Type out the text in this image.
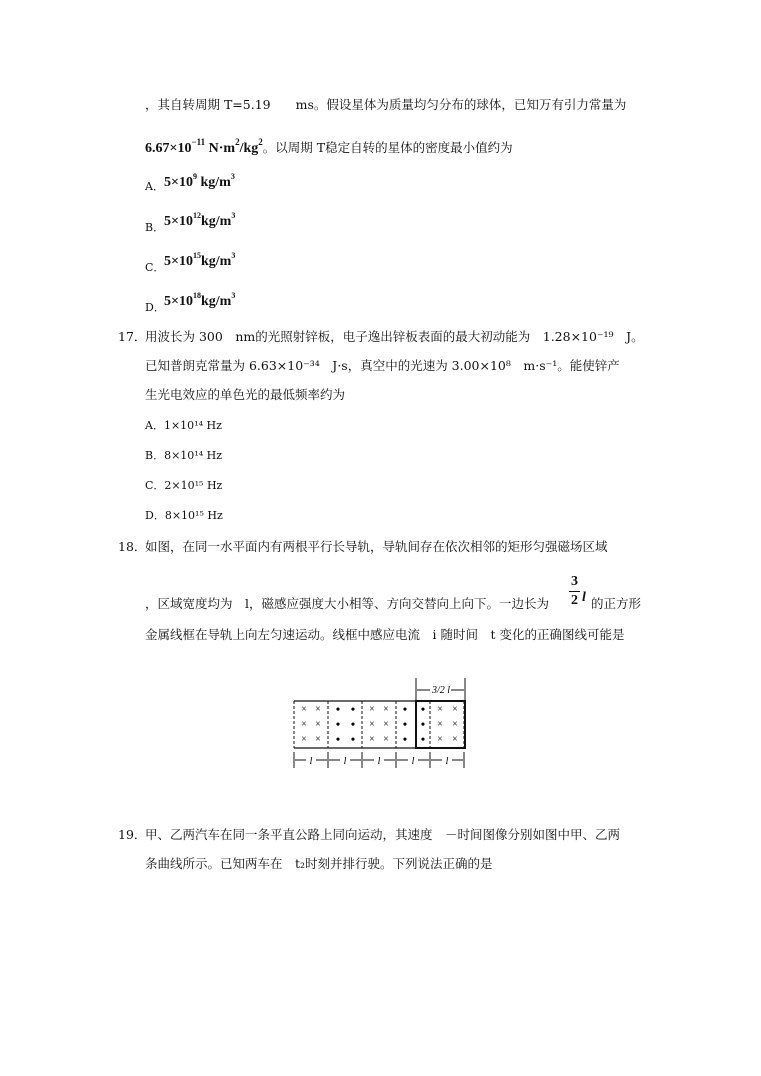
，其自转周期 T=5.19　　ms。假设星体为质量均匀分布的球体，已知万有引力常量为
$6.67\times 10^{-11}$ $N\cdot m^2/kg^2$。以周期 T稳定自转的星体的密度最小值约为
A． $5\times 10^9$ $kg/m^3$
B． $5\times 10^{12}kg/m^3$
C． $5\times 10^{15}kg/m^3$
D． $5\times 10^{18}kg/m^3$
17．
用波长为 300　nm的光照射锌板，电子逸出锌板表面的最大初动能为　1.28×10⁻¹⁹　J。
已知普朗克常量为 6.63×10⁻³⁴　J·s，真空中的光速为 3.00×10⁸　m·s⁻¹。能使锌产
生光电效应的单色光的最低频率约为
A．1×10¹⁴ Hz
B．8×10¹⁴ Hz
C．2×10¹⁵ Hz
D．8×10¹⁵ Hz
18．
如图，在同一水平面内有两根平行长导轨，导轨间存在依次相邻的矩形匀强磁场区域
，区域宽度均为　l，磁感应强度大小相等、方向交替向上向下。一边长为
3
2 l 的正方形
金属线框在导轨上向左匀速运动。线框中感应电流　i 随时间　t 变化的正确图线可能是
3/2 l
× ×
× ×
× ×
• •
• •
• •
× ×
× ×
× ×
• •
• •
• •
× ×
× ×
× ×
l	l	l	l	l
19．
甲、乙两汽车在同一条平直公路上同向运动，其速度　－时间图像分别如图中甲、乙两
条曲线所示。已知两车在　t₂时刻并排行驶。下列说法正确的是
